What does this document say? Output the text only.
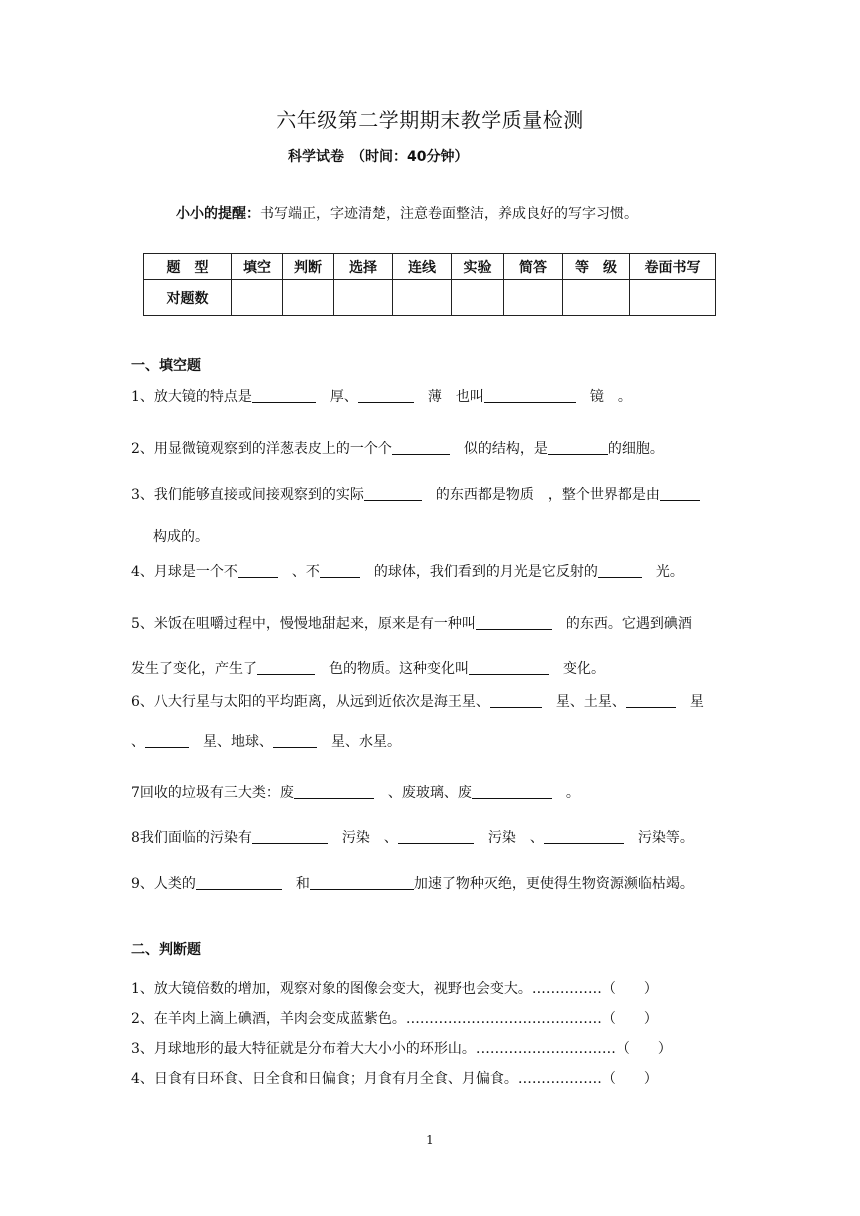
六年级第二学期期末教学质量检测
科学试卷　（时间：40分钟）
小小的提醒：书写端正，字迹清楚，注意卷面整洁，养成良好的写字习惯。
题　型	填空	判断	选择	连线	实验	简答	等　级	卷面书写
对题数								
一、填空题
1、放大镜的特点是	　厚、	　薄　也叫	　镜　。
2、用显微镜观察到的洋葱表皮上的一个个	　似的结构，是	的细胞。
3、我们能够直接或间接观察到的实际	　的东西都是物质　，整个世界都是由
构成的。
4、月球是一个不	　、不	　的球体，我们看到的月光是它反射的	　光。
5、米饭在咀嚼过程中，慢慢地甜起来，原来是有一种叫	　的东西。它遇到碘酒
发生了变化，产生了	　色的物质。这种变化叫	　变化。
6、八大行星与太阳的平均距离，从远到近依次是海王星、	　星、土星、	　星
、	　星、地球、	　星、水星。
7回收的垃圾有三大类：废	　、废玻璃、废	　。
8我们面临的污染有	　污染　、	　污染　、	　污染等。
9、人类的	　和	加速了物种灭绝，更使得生物资源濒临枯竭。
二、判断题
1、放大镜倍数的增加，观察对象的图像会变大，视野也会变大。……………（　　）
2、在羊肉上滴上碘酒，羊肉会变成蓝紫色。……………………………………（　　）
3、月球地形的最大特征就是分布着大大小小的环形山。…………………………（　　）
4、日食有日环食、日全食和日偏食；月食有月全食、月偏食。………………（　　）
1
